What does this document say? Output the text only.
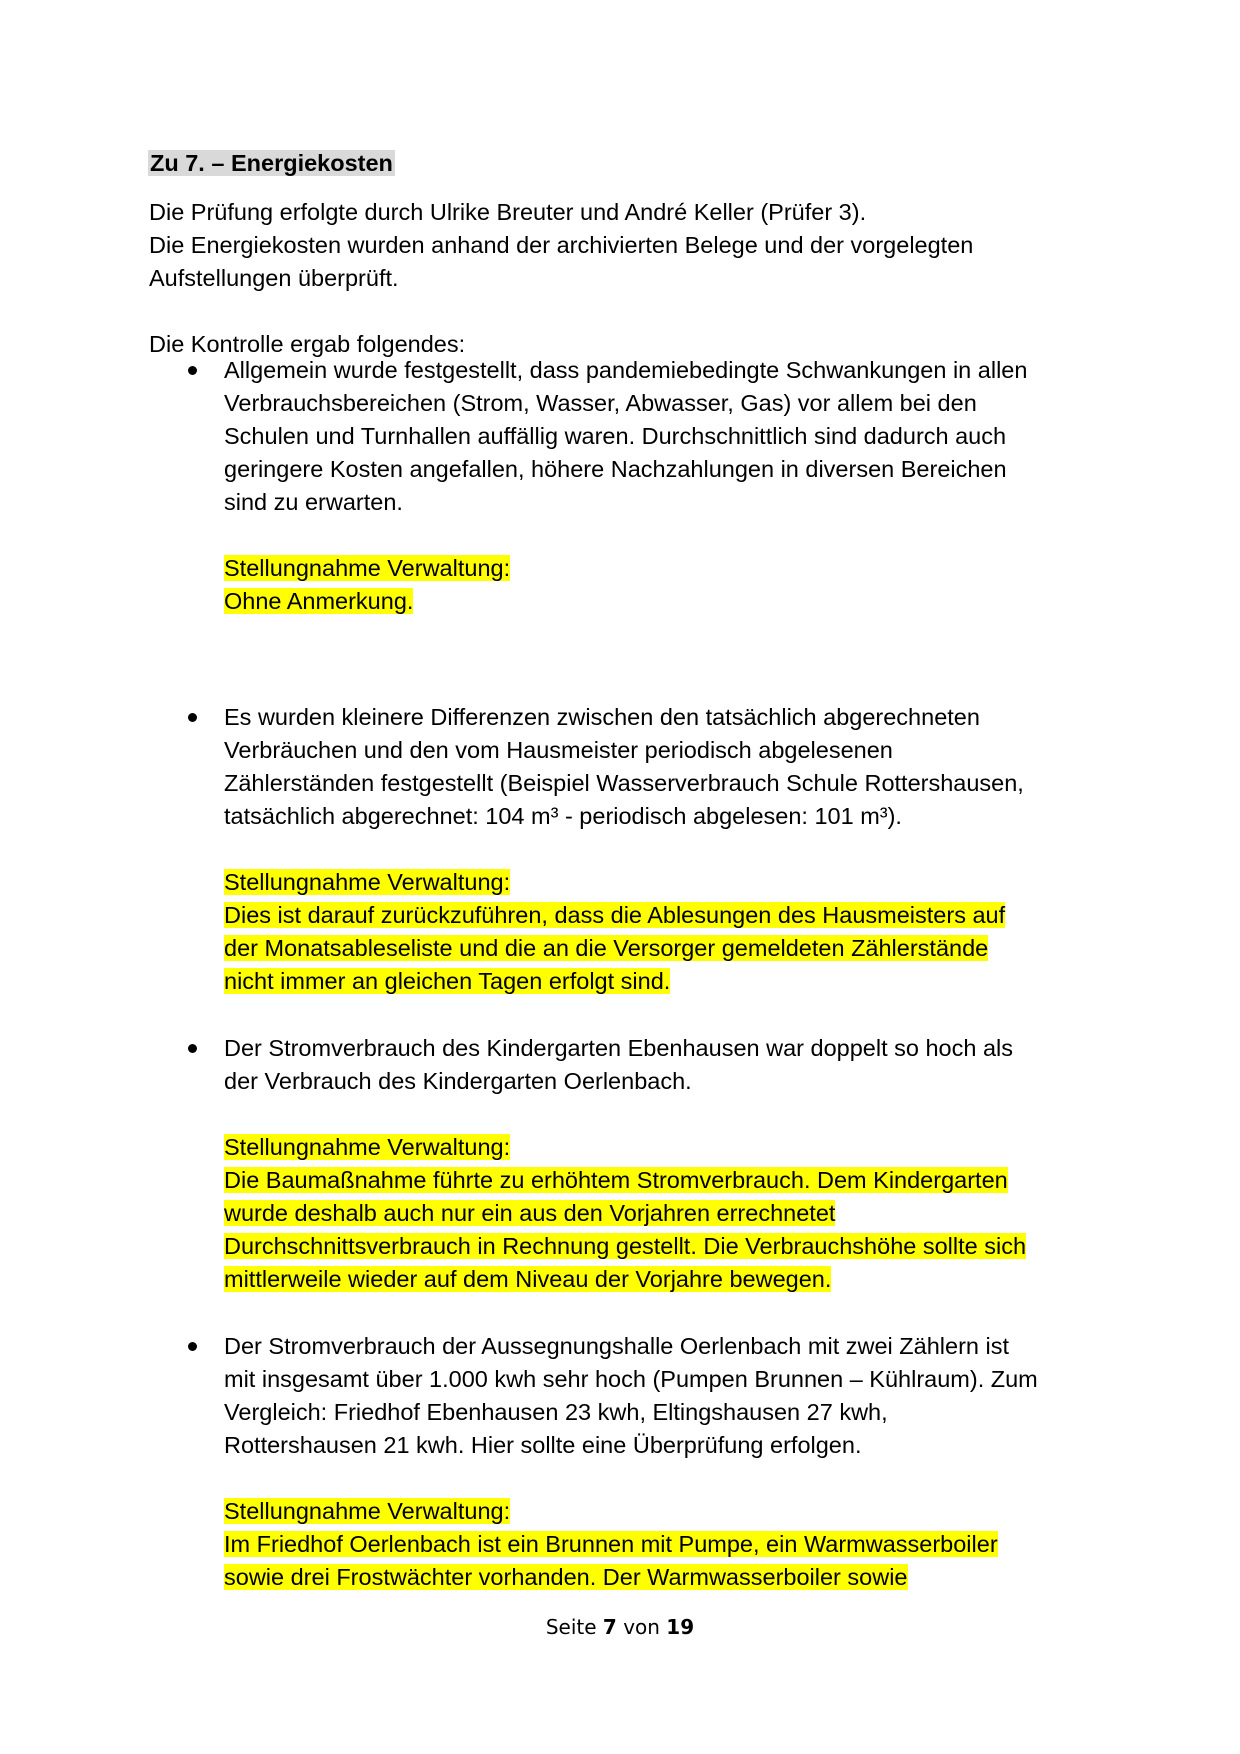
Zu 7. – Energiekosten

Die Prüfung erfolgte durch Ulrike Breuter und André Keller (Prüfer 3).

Die Energiekosten wurden anhand der archivierten Belege und der vorgelegten

Aufstellungen überprüft.

Die Kontrolle ergab folgendes:

Allgemein wurde festgestellt, dass pandemiebedingte Schwankungen in allen

Verbrauchsbereichen (Strom, Wasser, Abwasser, Gas) vor allem bei den

Schulen und Turnhallen auffällig waren. Durchschnittlich sind dadurch auch

geringere Kosten angefallen, höhere Nachzahlungen in diversen Bereichen

sind zu erwarten.

Stellungnahme Verwaltung:

Ohne Anmerkung.

Es wurden kleinere Differenzen zwischen den tatsächlich abgerechneten

Verbräuchen und den vom Hausmeister periodisch abgelesenen

Zählerständen festgestellt (Beispiel Wasserverbrauch Schule Rottershausen,

tatsächlich abgerechnet: 104 m³ - periodisch abgelesen: 101 m³).

Stellungnahme Verwaltung:

Dies ist darauf zurückzuführen, dass die Ablesungen des Hausmeisters auf

der Monatsableseliste und die an die Versorger gemeldeten Zählerstände

nicht immer an gleichen Tagen erfolgt sind.

Der Stromverbrauch des Kindergarten Ebenhausen war doppelt so hoch als

der Verbrauch des Kindergarten Oerlenbach.

Stellungnahme Verwaltung:

Die Baumaßnahme führte zu erhöhtem Stromverbrauch. Dem Kindergarten

wurde deshalb auch nur ein aus den Vorjahren errechnetet

Durchschnittsverbrauch in Rechnung gestellt. Die Verbrauchshöhe sollte sich

mittlerweile wieder auf dem Niveau der Vorjahre bewegen.

Der Stromverbrauch der Aussegnungshalle Oerlenbach mit zwei Zählern ist

mit insgesamt über 1.000 kwh sehr hoch (Pumpen Brunnen – Kühlraum). Zum

Vergleich: Friedhof Ebenhausen 23 kwh, Eltingshausen 27 kwh,

Rottershausen 21 kwh. Hier sollte eine Überprüfung erfolgen.

Stellungnahme Verwaltung:

Im Friedhof Oerlenbach ist ein Brunnen mit Pumpe, ein Warmwasserboiler

sowie drei Frostwächter vorhanden. Der Warmwasserboiler sowie

Seite 7 von 19
